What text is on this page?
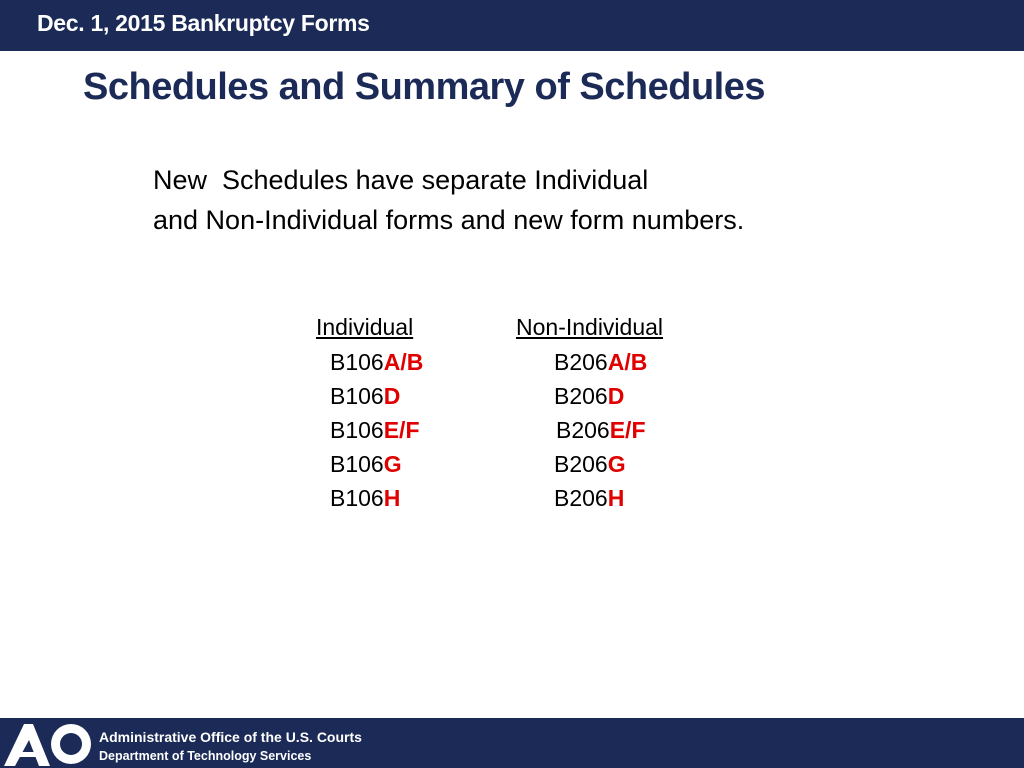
Dec. 1, 2015 Bankruptcy Forms
Schedules and Summary of Schedules
New  Schedules have separate Individual
and Non-Individual forms and new form numbers.
Individual
B106A/B
B106D
B106E/F
B106G
B106H
Non-Individual
B206A/B
B206D
B206E/F
B206G
B206H
Administrative Office of the U.S. Courts
Department of Technology Services
